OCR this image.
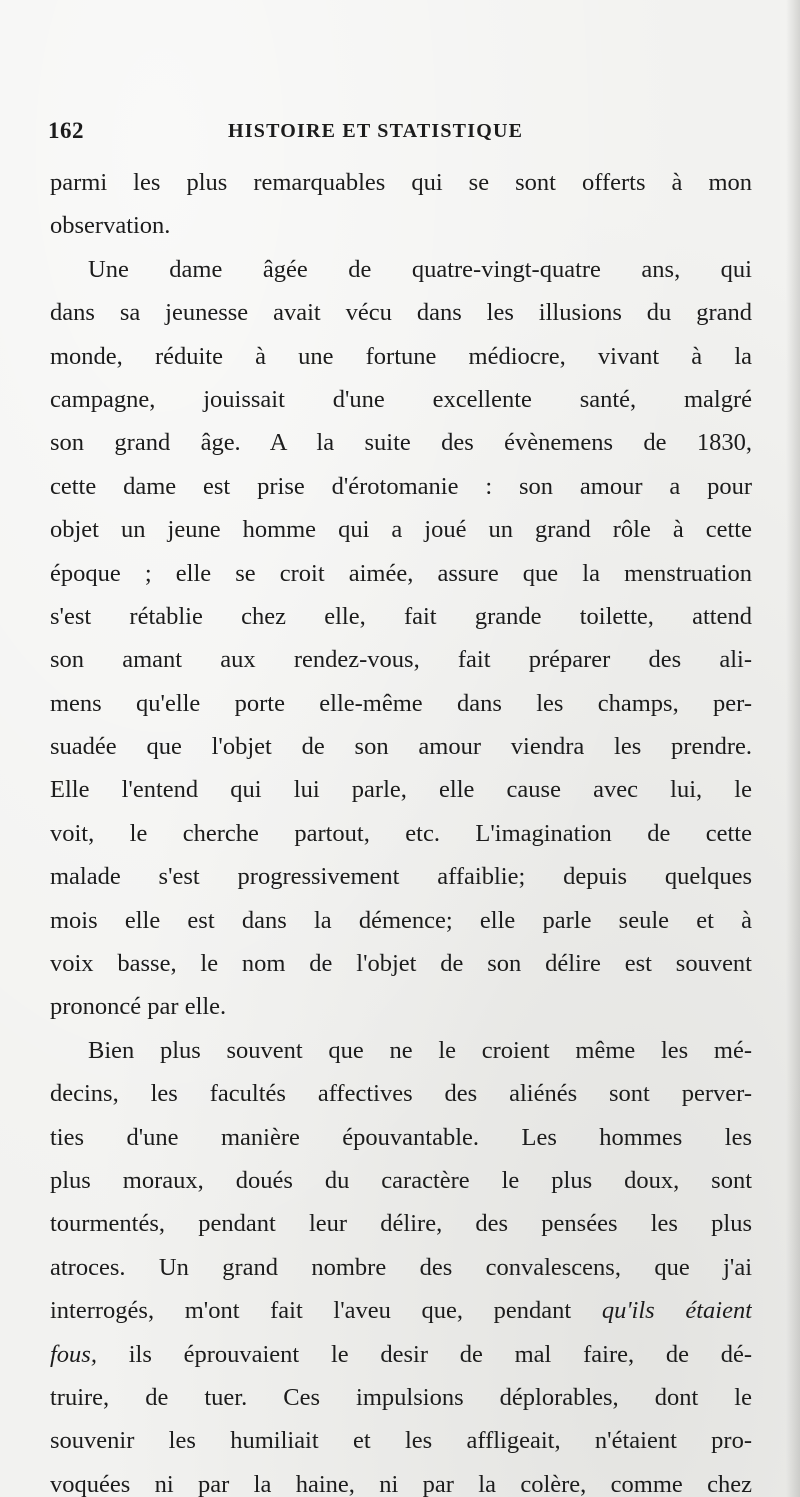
162	HISTOIRE ET STATISTIQUE
parmi les plus remarquables qui se sont offerts à mon
observation.
Une dame âgée de quatre-vingt-quatre ans, qui
dans sa jeunesse avait vécu dans les illusions du grand
monde, réduite à une fortune médiocre, vivant à la
campagne, jouissait d'une excellente santé, malgré
son grand âge. A la suite des évènemens de 1830,
cette dame est prise d'érotomanie : son amour a pour
objet un jeune homme qui a joué un grand rôle à cette
époque ; elle se croit aimée, assure que la menstruation
s'est rétablie chez elle, fait grande toilette, attend
son amant aux rendez-vous, fait préparer des ali-
mens qu'elle porte elle-même dans les champs, per-
suadée que l'objet de son amour viendra les prendre.
Elle l'entend qui lui parle, elle cause avec lui, le
voit, le cherche partout, etc. L'imagination de cette
malade s'est progressivement affaiblie; depuis quelques
mois elle est dans la démence; elle parle seule et à
voix basse, le nom de l'objet de son délire est souvent
prononcé par elle.
Bien plus souvent que ne le croient même les mé-
decins, les facultés affectives des aliénés sont perver-
ties d'une manière épouvantable. Les hommes les
plus moraux, doués du caractère le plus doux, sont
tourmentés, pendant leur délire, des pensées les plus
atroces. Un grand nombre des convalescens, que j'ai
interrogés, m'ont fait l'aveu que, pendant qu'ils étaient
fous, ils éprouvaient le desir de mal faire, de dé-
truire, de tuer. Ces impulsions déplorables, dont le
souvenir les humiliait et les affligeait, n'étaient pro-
voquées ni par la haine, ni par la colère, comme chez
